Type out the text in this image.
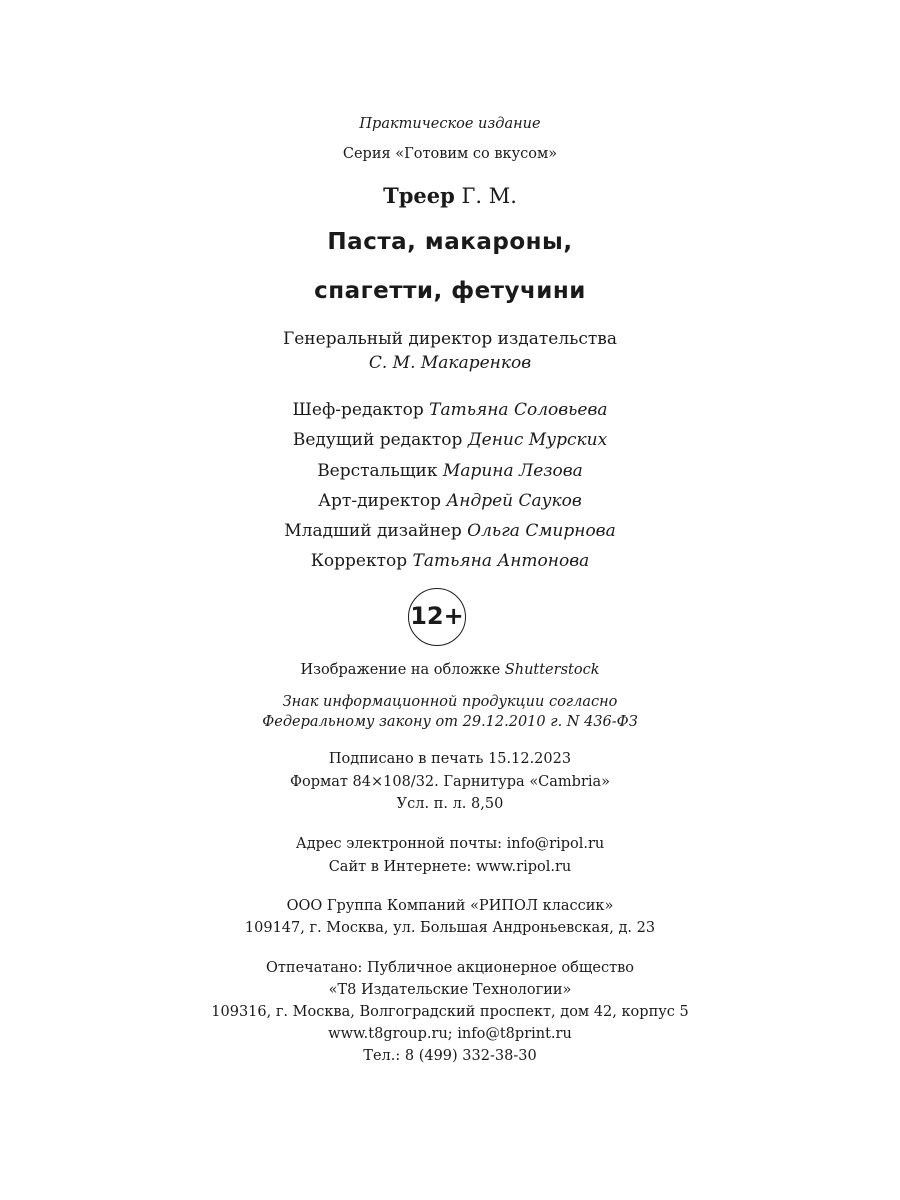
Практическое издание
Серия «Готовим со вкусом»
Треер Г. М.
Паста, макароны,
спагетти, фетучини
Генеральный директор издательства
С. М. Макаренков
Шеф-редактор Татьяна Соловьева
Ведущий редактор Денис Мурских
Верстальщик Марина Лезова
Арт-директор Андрей Сауков
Младший дизайнер Ольга Смирнова
Корректор Татьяна Антонова
12+
Изображение на обложке Shutterstock
Знак информационной продукции согласно
Федеральному закону от 29.12.2010 г. N 436-ФЗ
Подписано в печать 15.12.2023
Формат 84×108/32. Гарнитура «Cambria»
Усл. п. л. 8,50
Адрес электронной почты: info@ripol.ru
Сайт в Интернете: www.ripol.ru
ООО Группа Компаний «РИПОЛ классик»
109147, г. Москва, ул. Большая Андроньевская, д. 23
Отпечатано: Публичное акционерное общество
«Т8 Издательские Технологии»
109316, г. Москва, Волгоградский проспект, дом 42, корпус 5
www.t8group.ru; info@t8print.ru
Тел.: 8 (499) 332-38-30
